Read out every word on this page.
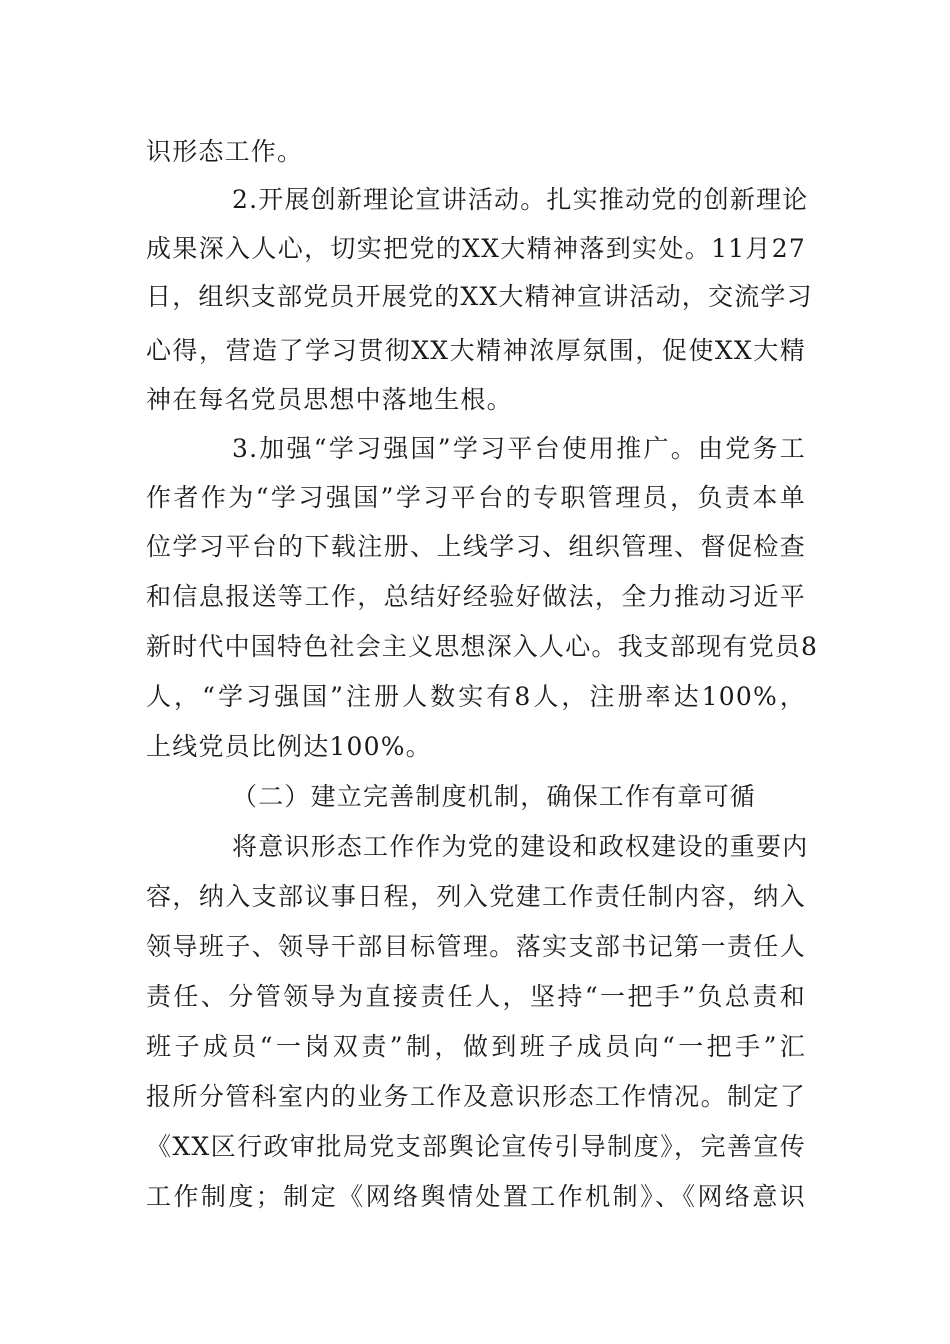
识形态工作。
2.开展创新理论宣讲活动。扎实推动党的创新理论
成果深入人心，切实把党的XX大精神落到实处。11月27
日，组织支部党员开展党的XX大精神宣讲活动，交流学习
心得，营造了学习贯彻XX大精神浓厚氛围，促使XX大精
神在每名党员思想中落地生根。
3.加强“学习强国”学习平台使用推广。由党务工
作者作为“学习强国”学习平台的专职管理员，负责本单
位学习平台的下载注册、上线学习、组织管理、督促检查
和信息报送等工作，总结好经验好做法，全力推动习近平
新时代中国特色社会主义思想深入人心。我支部现有党员8
人，“学习强国”注册人数实有8人，注册率达100%，
上线党员比例达100%。
（二）建立完善制度机制，确保工作有章可循
将意识形态工作作为党的建设和政权建设的重要内
容，纳入支部议事日程，列入党建工作责任制内容，纳入
领导班子、领导干部目标管理。落实支部书记第一责任人
责任、分管领导为直接责任人，坚持“一把手”负总责和
班子成员“一岗双责”制，做到班子成员向“一把手”汇
报所分管科室内的业务工作及意识形态工作情况。制定了
《XX区行政审批局党支部舆论宣传引导制度》，完善宣传
工作制度；制定《网络舆情处置工作机制》、《网络意识
